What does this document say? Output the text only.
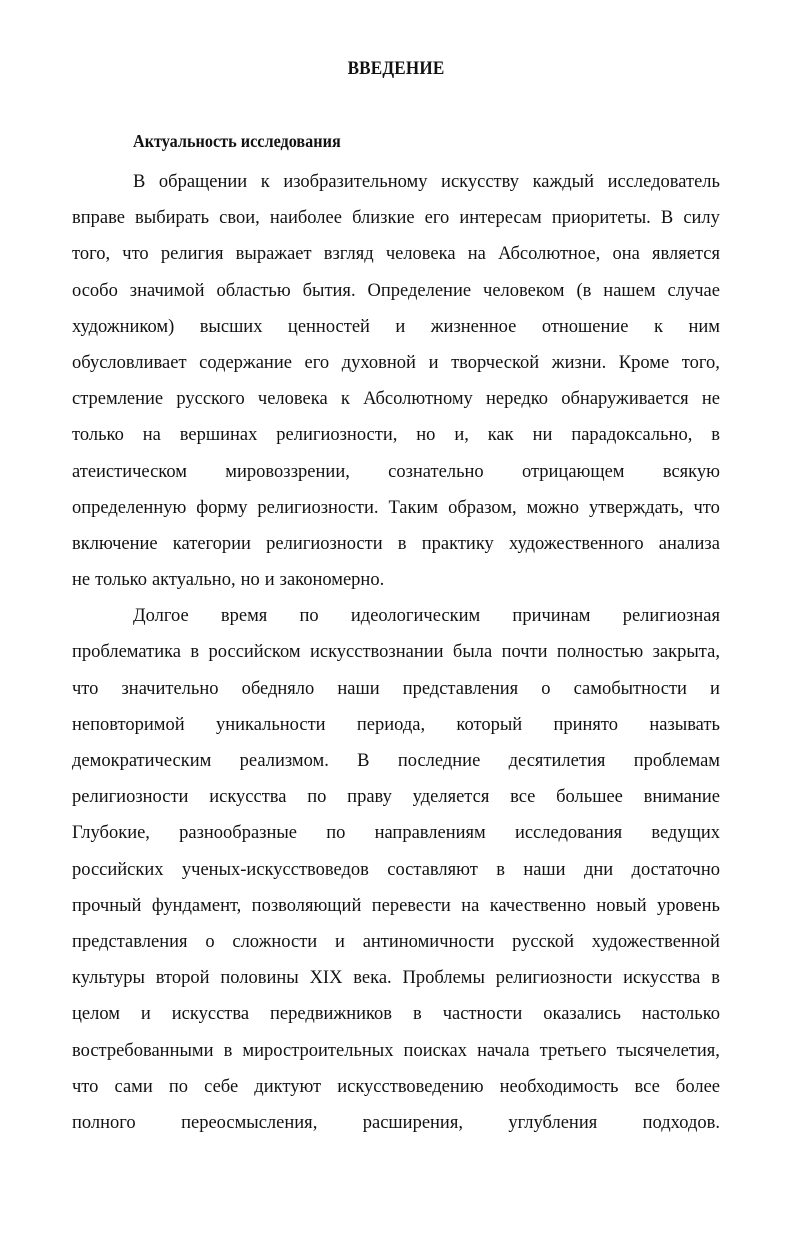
ВВЕДЕНИЕ
Актуальность исследования
В обращении к изобразительному искусству каждый исследователь
вправе выбирать свои, наиболее близкие его интересам приоритеты. В силу
того, что религия выражает взгляд человека на Абсолютное, она является
особо значимой областью бытия. Определение человеком (в нашем случае
художником) высших ценностей и жизненное отношение к ним
обусловливает содержание его духовной и творческой жизни. Кроме того,
стремление русского человека к Абсолютному нередко обнаруживается не
только на вершинах религиозности, но и, как ни парадоксально, в
атеистическом мировоззрении, сознательно отрицающем всякую
определенную форму религиозности. Таким образом, можно утверждать, что
включение категории религиозности в практику художественного анализа
не только актуально, но и закономерно.
Долгое время по идеологическим причинам религиозная
проблематика в российском искусствознании была почти полностью закрыта,
что значительно обедняло наши представления о самобытности и
неповторимой уникальности периода, который принято называть
демократическим реализмом. В последние десятилетия проблемам
религиозности искусства по праву уделяется все большее внимание
Глубокие, разнообразные по направлениям исследования ведущих
российских ученых-искусствоведов составляют в наши дни достаточно
прочный фундамент, позволяющий перевести на качественно новый уровень
представления о сложности и антиномичности русской художественной
культуры второй половины XIX века. Проблемы религиозности искусства в
целом и искусства передвижников в частности оказались настолько
востребованными в миростроительных поисках начала третьего тысячелетия,
что сами по себе диктуют искусствоведению необходимость все более
полного переосмысления, расширения, углубления подходов.
